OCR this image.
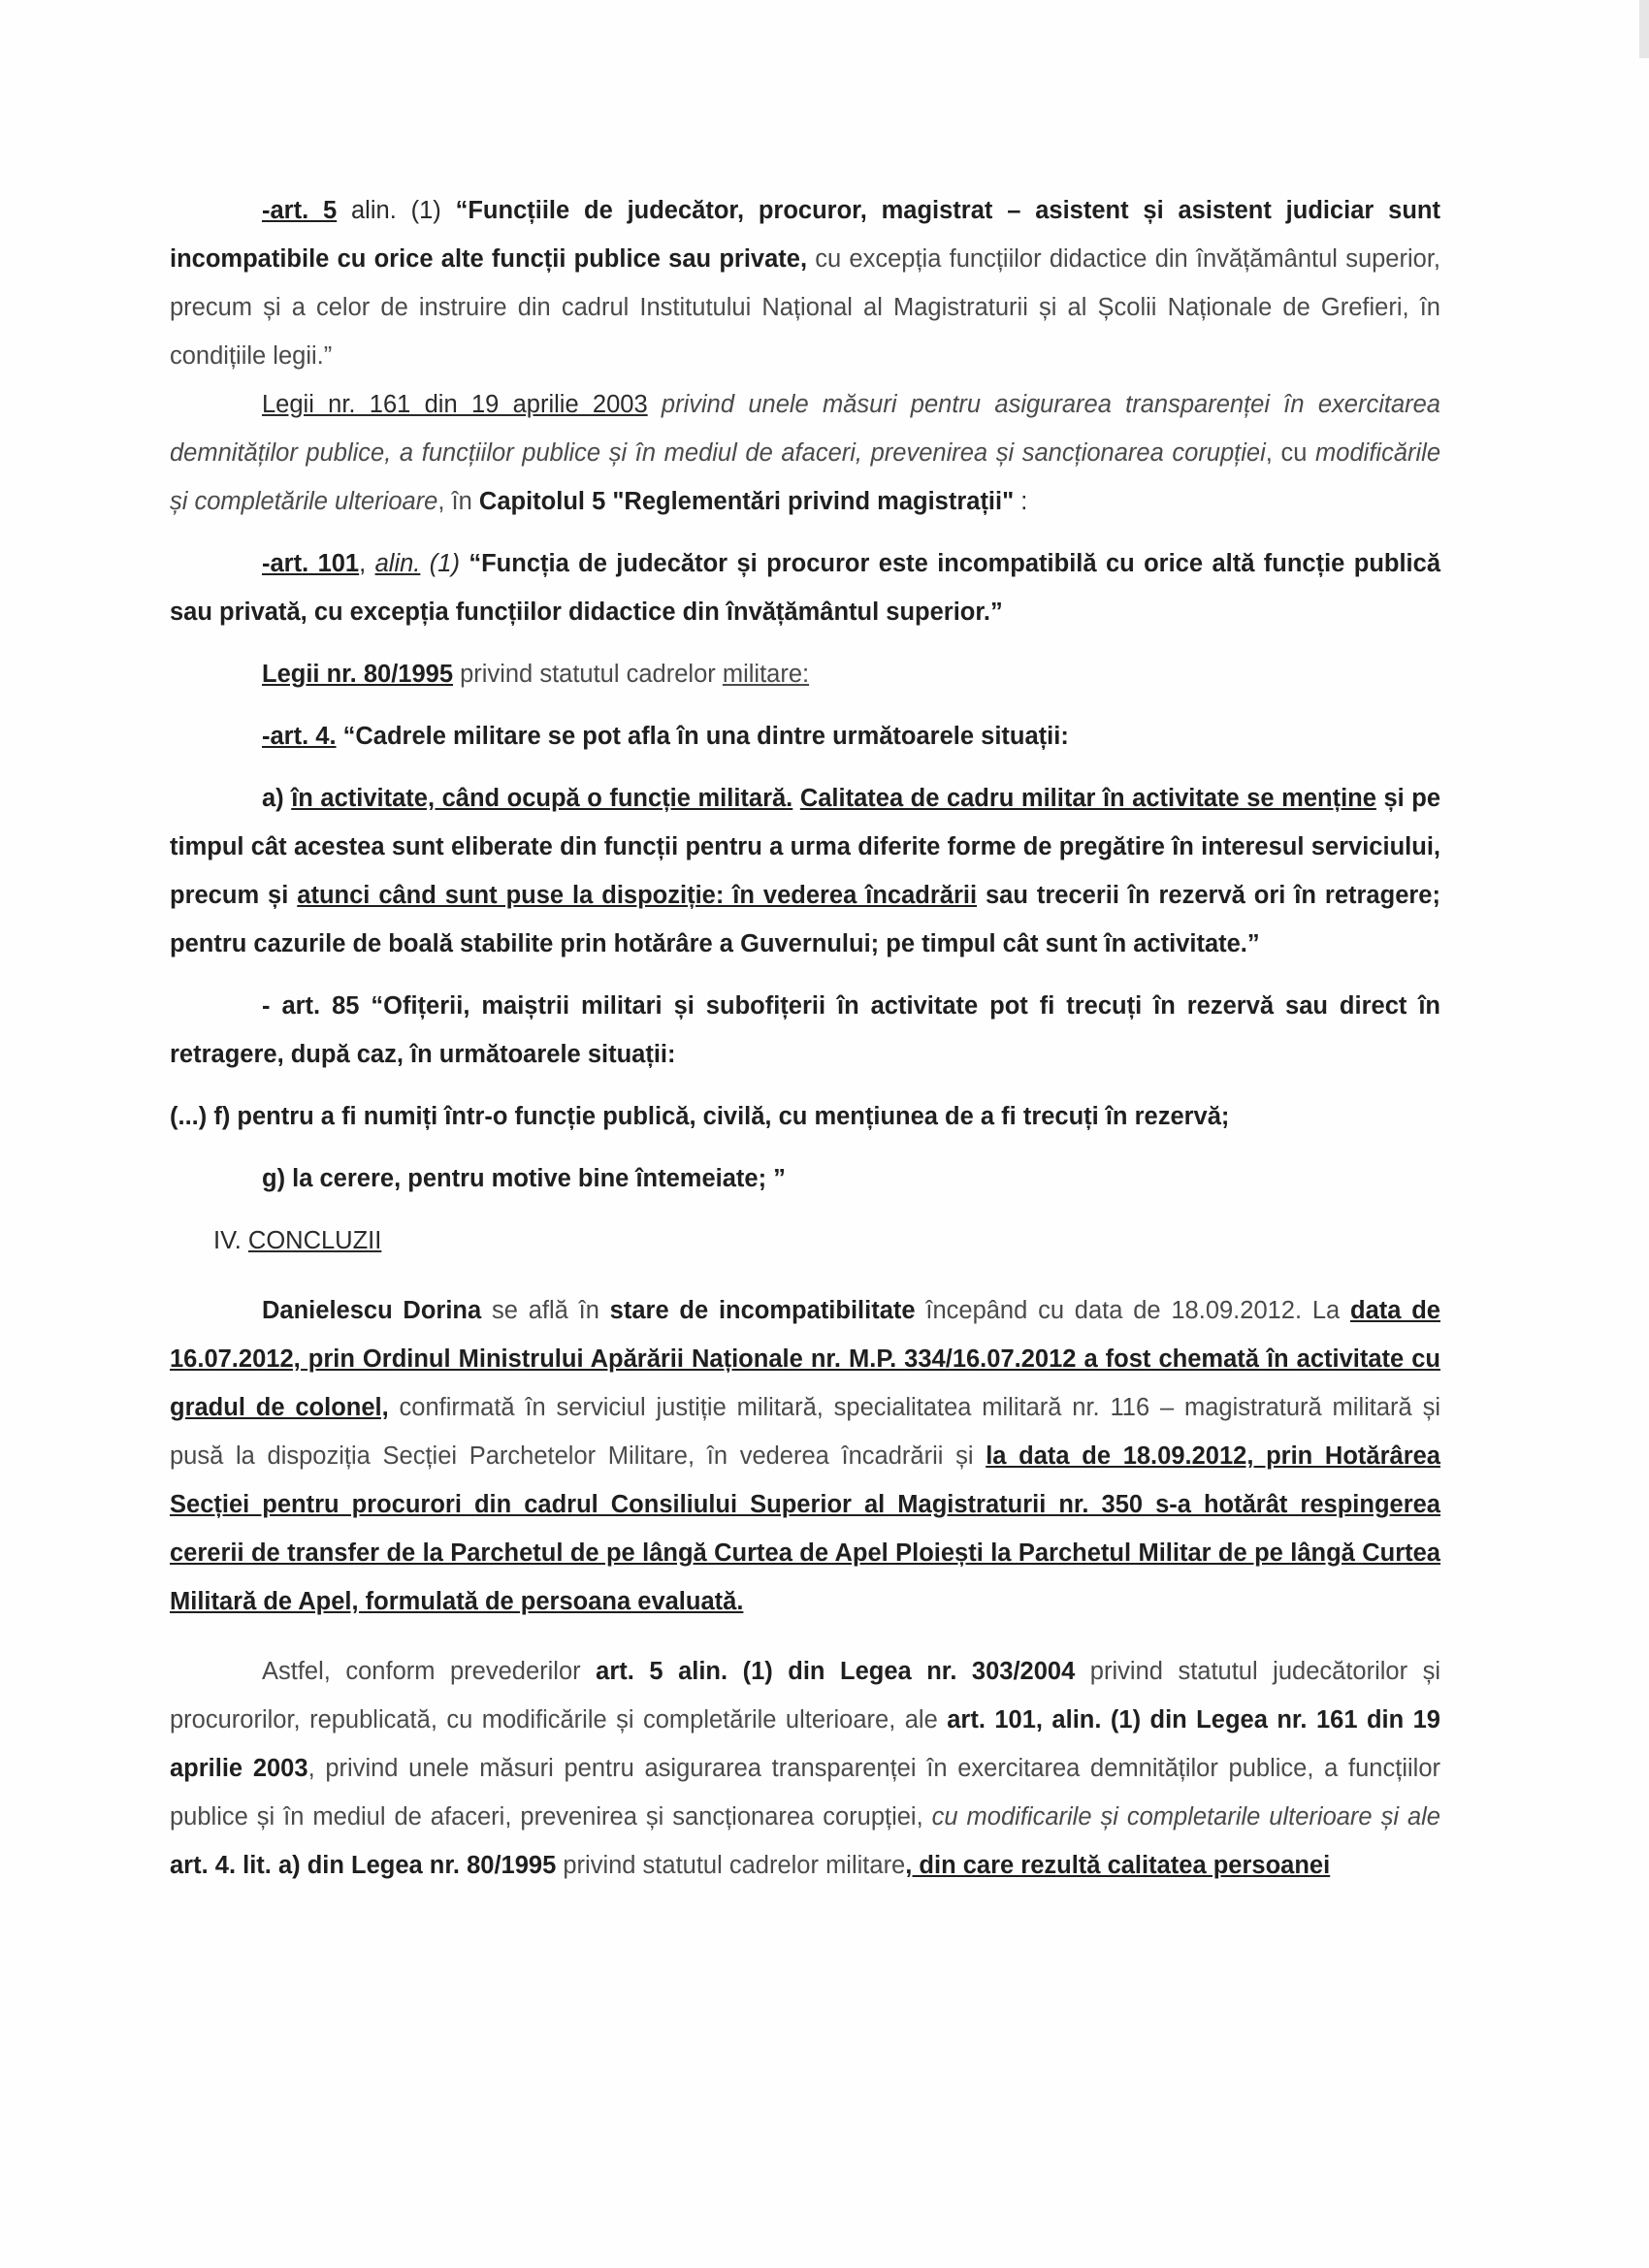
-art. 5 alin. (1) “Funcțiile de judecător, procuror, magistrat – asistent și asistent judiciar sunt incompatibile cu orice alte funcții publice sau private, cu excepția funcțiilor didactice din învățământul superior, precum și a celor de instruire din cadrul Institutului Național al Magistraturii și al Școlii Naționale de Grefieri, în condițiile legii.”

Legii nr. 161 din 19 aprilie 2003 privind unele măsuri pentru asigurarea transparenței în exercitarea demnităților publice, a funcțiilor publice și în mediul de afaceri, prevenirea și sancționarea corupției, cu modificările și completările ulterioare, în Capitolul 5 "Reglementări privind magistrații" :

-art. 101, alin. (1) “Funcția de judecător și procuror este incompatibilă cu orice altă funcție publică sau privată, cu excepția funcțiilor didactice din învățământul superior.”

Legii nr. 80/1995 privind statutul cadrelor militare:

-art. 4. “Cadrele militare se pot afla în una dintre următoarele situații:

a) în activitate, când ocupă o funcție militară. Calitatea de cadru militar în activitate se menține și pe timpul cât acestea sunt eliberate din funcții pentru a urma diferite forme de pregătire în interesul serviciului, precum și atunci când sunt puse la dispoziție: în vederea încadrării sau trecerii în rezervă ori în retragere; pentru cazurile de boală stabilite prin hotărâre a Guvernului; pe timpul cât sunt în activitate.”

- art. 85 “Ofițerii, maiștrii militari și subofițerii în activitate pot fi trecuți în rezervă sau direct în retragere, după caz, în următoarele situații:

(...) f) pentru a fi numiți într-o funcție publică, civilă, cu mențiunea de a fi trecuți în rezervă;

g) la cerere, pentru motive bine întemeiate; ”

IV. CONCLUZII

Danielescu Dorina se află în stare de incompatibilitate începând cu data de 18.09.2012. La data de 16.07.2012, prin Ordinul Ministrului Apărării Naționale nr. M.P. 334/16.07.2012 a fost chemată în activitate cu gradul de colonel, confirmată în serviciul justiție militară, specialitatea militară nr. 116 – magistratură militară și pusă la dispoziția Secției Parchetelor Militare, în vederea încadrării și la data de 18.09.2012, prin Hotărârea Secției pentru procurori din cadrul Consiliului Superior al Magistraturii nr. 350 s-a hotărât respingerea cererii de transfer de la Parchetul de pe lângă Curtea de Apel Ploiești la Parchetul Militar de pe lângă Curtea Militară de Apel, formulată de persoana evaluată.

Astfel, conform prevederilor art. 5 alin. (1) din Legea nr. 303/2004 privind statutul judecătorilor și procurorilor, republicată, cu modificările și completările ulterioare, ale art. 101, alin. (1) din Legea nr. 161 din 19 aprilie 2003, privind unele măsuri pentru asigurarea transparenței în exercitarea demnităților publice, a funcțiilor publice și în mediul de afaceri, prevenirea și sancționarea corupției, cu modificarile și completarile ulterioare și ale art. 4. lit. a) din Legea nr. 80/1995 privind statutul cadrelor militare, din care rezultă calitatea persoanei
